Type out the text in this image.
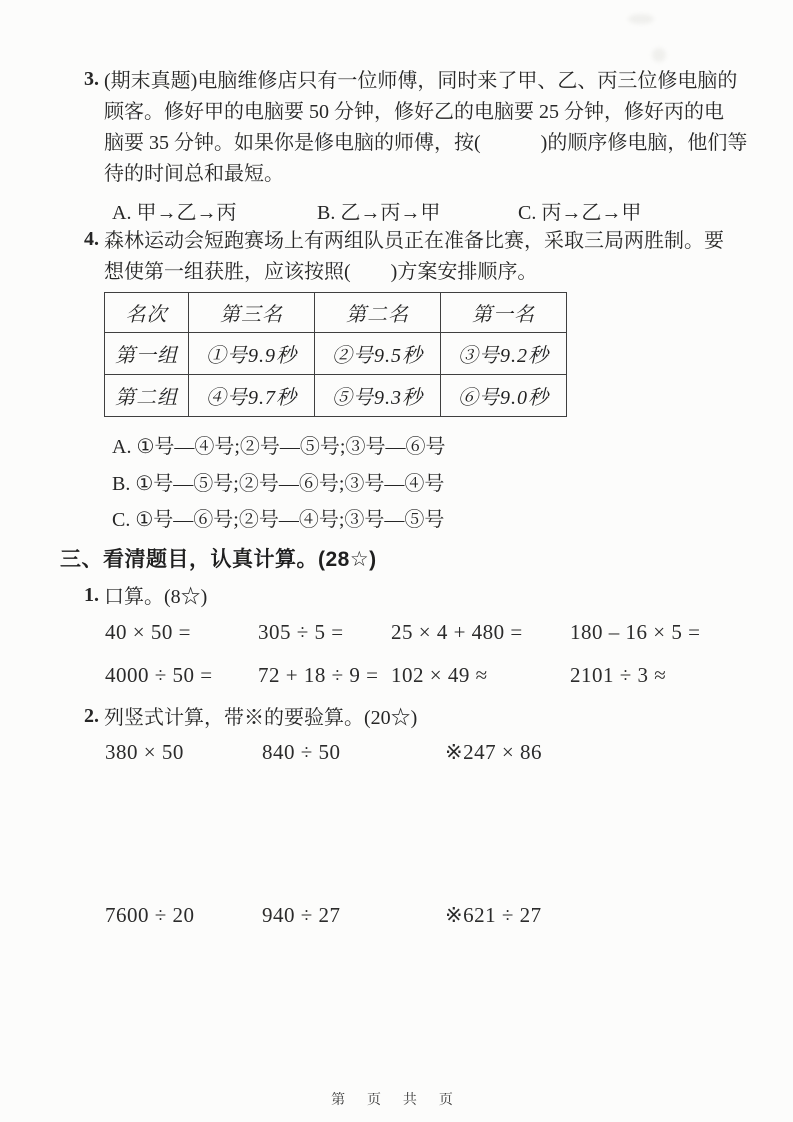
3. (期末真题)电脑维修店只有一位师傅，同时来了甲、乙、丙三位修电脑的
顾客。修好甲的电脑要 50 分钟，修好乙的电脑要 25 分钟，修好丙的电
脑要 35 分钟。如果你是修电脑的师傅，按(　　　)的顺序修电脑，他们等
待的时间总和最短。
A. 甲→乙→丙	B. 乙→丙→甲	C. 丙→乙→甲
4. 森林运动会短跑赛场上有两组队员正在准备比赛，采取三局两胜制。要
想使第一组获胜，应该按照(　　)方案安排顺序。
名次	第三名	第二名	第一名
第一组	①号9.9秒	②号9.5秒	③号9.2秒
第二组	④号9.7秒	⑤号9.3秒	⑥号9.0秒
A. ①号—④号;②号—⑤号;③号—⑥号
B. ①号—⑤号;②号—⑥号;③号—④号
C. ①号—⑥号;②号—④号;③号—⑤号
三、看清题目，认真计算。(28☆)
1. 口算。(8☆)
40 × 50 =	305 ÷ 5 = 25 × 4 + 480 = 180 – 16 × 5 =
4000 ÷ 50 = 72 + 18 ÷ 9 = 102 × 49 ≈	2101 ÷ 3 ≈
2. 列竖式计算，带※的要验算。(20☆)
380 × 50	840 ÷ 50	※247 × 86
7600 ÷ 20	940 ÷ 27	※621 ÷ 27
第 页 共 页
